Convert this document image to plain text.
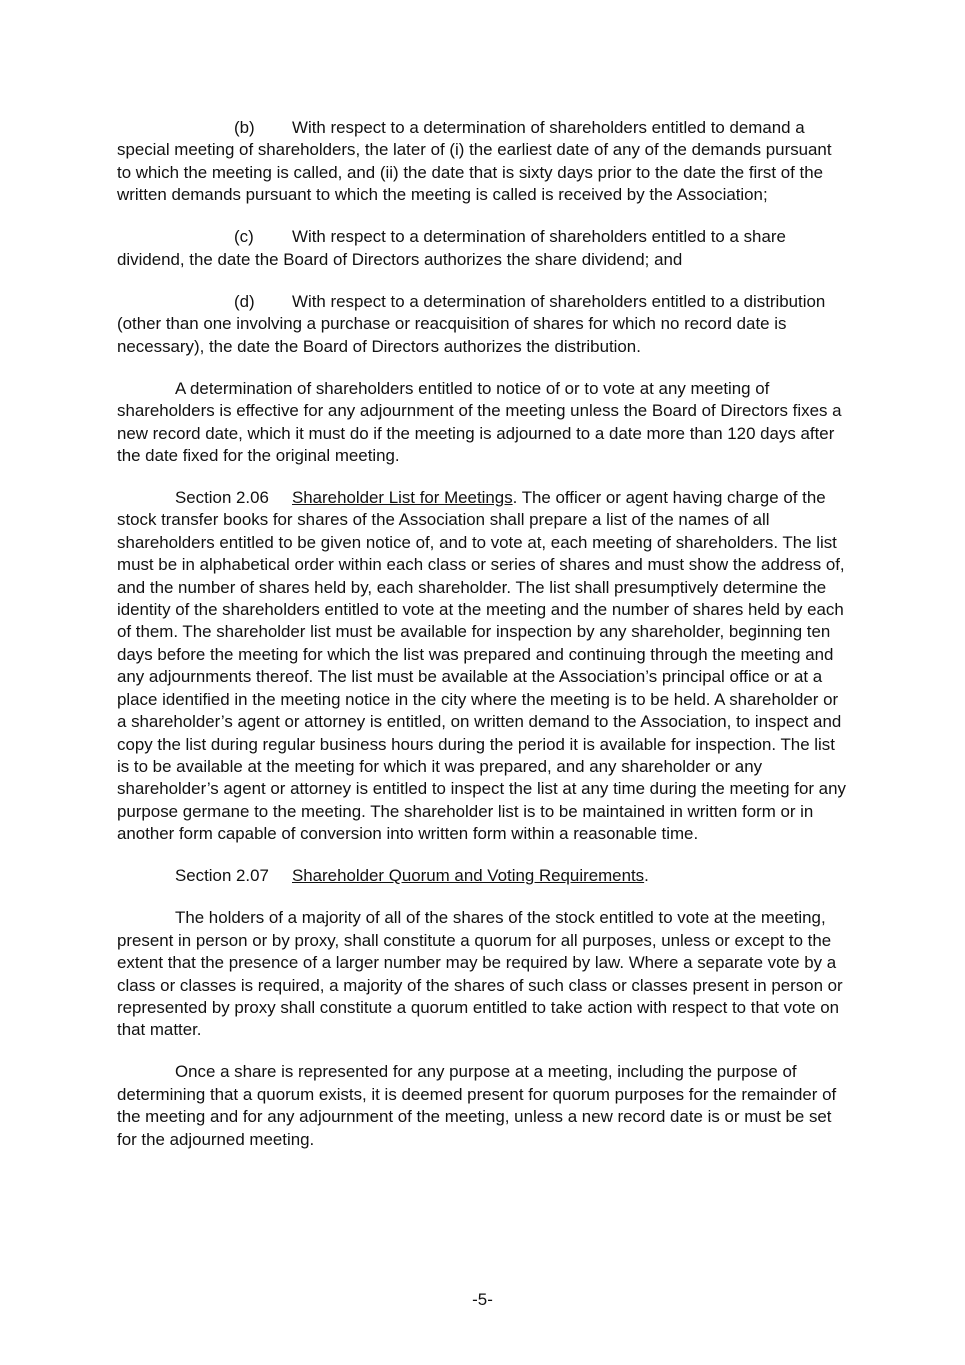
(b) With respect to a determination of shareholders entitled to demand a special meeting of shareholders, the later of (i) the earliest date of any of the demands pursuant to which the meeting is called, and (ii) the date that is sixty days prior to the date the first of the written demands pursuant to which the meeting is called is received by the Association;

(c) With respect to a determination of shareholders entitled to a share dividend, the date the Board of Directors authorizes the share dividend; and

(d) With respect to a determination of shareholders entitled to a distribution (other than one involving a purchase or reacquisition of shares for which no record date is necessary), the date the Board of Directors authorizes the distribution.

A determination of shareholders entitled to notice of or to vote at any meeting of shareholders is effective for any adjournment of the meeting unless the Board of Directors fixes a new record date, which it must do if the meeting is adjourned to a date more than 120 days after the date fixed for the original meeting.

Section 2.06 Shareholder List for Meetings. The officer or agent having charge of the stock transfer books for shares of the Association shall prepare a list of the names of all shareholders entitled to be given notice of, and to vote at, each meeting of shareholders. The list must be in alphabetical order within each class or series of shares and must show the address of, and the number of shares held by, each shareholder. The list shall presumptively determine the identity of the shareholders entitled to vote at the meeting and the number of shares held by each of them. The shareholder list must be available for inspection by any shareholder, beginning ten days before the meeting for which the list was prepared and continuing through the meeting and any adjournments thereof. The list must be available at the Association’s principal office or at a place identified in the meeting notice in the city where the meeting is to be held. A shareholder or a shareholder’s agent or attorney is entitled, on written demand to the Association, to inspect and copy the list during regular business hours during the period it is available for inspection. The list is to be available at the meeting for which it was prepared, and any shareholder or any shareholder’s agent or attorney is entitled to inspect the list at any time during the meeting for any purpose germane to the meeting. The shareholder list is to be maintained in written form or in another form capable of conversion into written form within a reasonable time.

Section 2.07 Shareholder Quorum and Voting Requirements.

The holders of a majority of all of the shares of the stock entitled to vote at the meeting, present in person or by proxy, shall constitute a quorum for all purposes, unless or except to the extent that the presence of a larger number may be required by law. Where a separate vote by a class or classes is required, a majority of the shares of such class or classes present in person or represented by proxy shall constitute a quorum entitled to take action with respect to that vote on that matter.

Once a share is represented for any purpose at a meeting, including the purpose of determining that a quorum exists, it is deemed present for quorum purposes for the remainder of the meeting and for any adjournment of the meeting, unless a new record date is or must be set for the adjourned meeting.

-5-
